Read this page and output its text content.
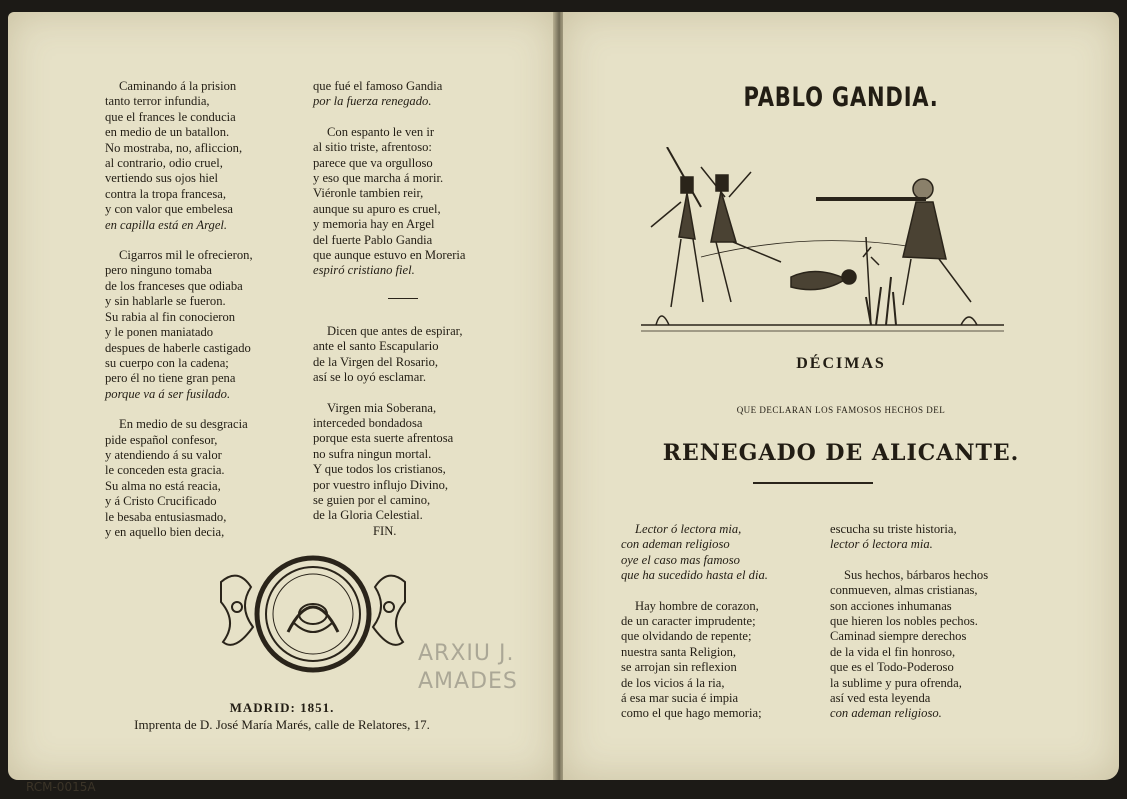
Caminando á la prision
tanto terror infundia,
que el frances le conducia
en medio de un batallon.
No mostraba, no, afliccion,
al contrario, odio cruel,
vertiendo sus ojos hiel
contra la tropa francesa,
y con valor que embelesa
en capilla está en Argel.
Cigarros mil le ofrecieron,
pero ninguno tomaba
de los franceses que odiaba
y sin hablarle se fueron.
Su rabia al fin conocieron
y le ponen maniatado
despues de haberle castigado
su cuerpo con la cadena;
pero él no tiene gran pena
porque va á ser fusilado.
En medio de su desgracia
pide español confesor,
y atendiendo á su valor
le conceden esta gracia.
Su alma no está reacia,
y á Cristo Crucificado
le besaba entusiasmado,
y en aquello bien decia,
que fué el famoso Gandia
por la fuerza renegado.
Con espanto le ven ir
al sitio triste, afrentoso:
parece que va orgulloso
y eso que marcha á morir.
Viéronle tambien reir,
aunque su apuro es cruel,
y memoria hay en Argel
del fuerte Pablo Gandia
que aunque estuvo en Moreria
espiró cristiano fiel.
Dicen que antes de espirar,
ante el santo Escapulario
de la Virgen del Rosario,
así se lo oyó esclamar.
Virgen mia Soberana,
interceded bondadosa
porque esta suerte afrentosa
no sufra ningun mortal.
Y que todos los cristianos,
por vuestro influjo Divino,
se guien por el camino,
de la Gloria Celestial.
FIN.
ARXIU J.
AMADES
MADRID: 1851.
Imprenta de D. José María Marés, calle de Relatores, 17.
RCM-0015A
PABLO GANDIA.
DÉCIMAS
QUE DECLARAN LOS FAMOSOS HECHOS DEL
RENEGADO DE ALICANTE.
Lector ó lectora mia,
con ademan religioso
oye el caso mas famoso
que ha sucedido hasta el dia.
Hay hombre de corazon,
de un caracter imprudente;
que olvidando de repente;
nuestra santa Religion,
se arrojan sin reflexion
de los vicios á la ria,
á esa mar sucia é impia
como el que hago memoria;
escucha su triste historia,
lector ó lectora mia.
Sus hechos, bárbaros hechos
conmueven, almas cristianas,
son acciones inhumanas
que hieren los nobles pechos.
Caminad siempre derechos
de la vida el fin honroso,
que es el Todo-Poderoso
la sublime y pura ofrenda,
así ved esta leyenda
con ademan religioso.
